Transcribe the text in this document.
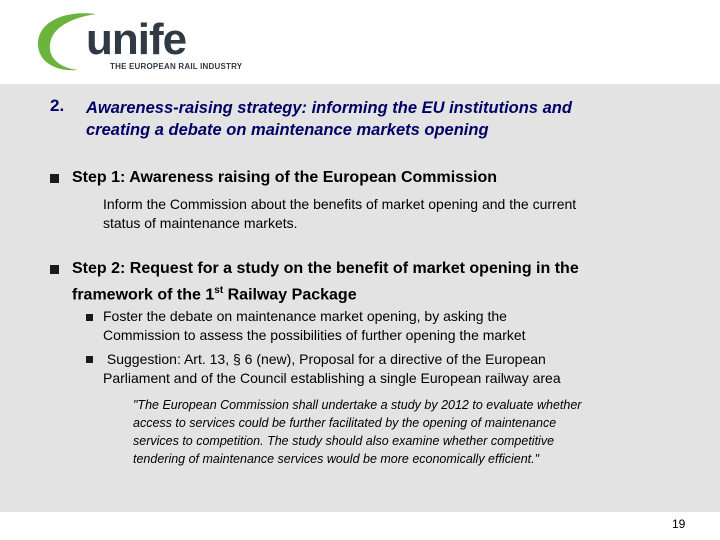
unife
THE EUROPEAN RAIL INDUSTRY
2. Awareness-raising strategy: informing the EU institutions and
creating a debate on maintenance markets opening
Step 1: Awareness raising of the European Commission
Inform the Commission about the benefits of market opening and the current
status of maintenance markets.
Step 2: Request for a study on the benefit of market opening in the
framework of the 1st Railway Package
Foster the debate on maintenance market opening, by asking the
Commission to assess the possibilities of further opening the market
Suggestion: Art. 13, § 6 (new), Proposal for a directive of the European
Parliament and of the Council establishing a single European railway area
"The European Commission shall undertake a study by 2012 to evaluate whether
access to services could be further facilitated by the opening of maintenance
services to competition. The study should also examine whether competitive
tendering of maintenance services would be more economically efficient."
19
